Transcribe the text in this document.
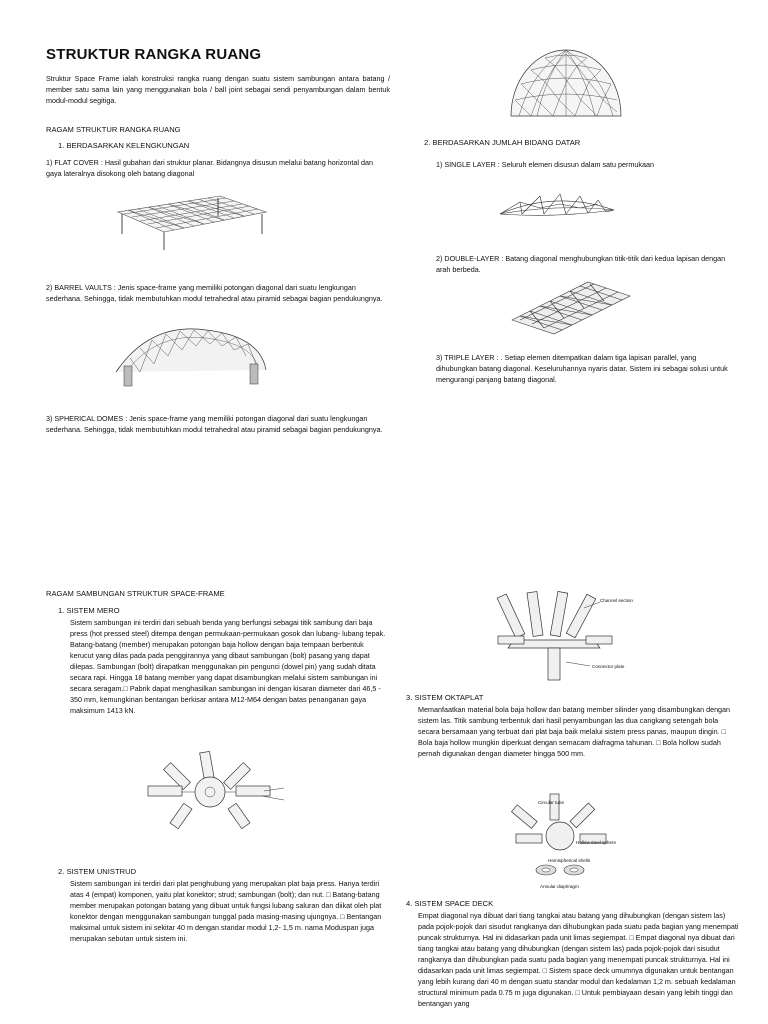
STRUKTUR RANGKA RUANG
Struktur Space Frame ialah konstruksi rangka ruang dengan suatu sistem sambungan antara batang / member satu sama lain yang menggunakan bola / ball joint sebagai sendi penyambungan dalam bentuk modul-modul segitiga.
RAGAM STRUKTUR RANGKA RUANG
1. BERDASARKAN KELENGKUNGAN
1) FLAT COVER : Hasil gubahan dari struktur planar. Bidangnya disusun melalui batang horizontal dan gaya lateralnya disokong oleh batang diagonal
2) BARREL VAULTS : Jenis space-frame yang memiliki potongan diagonal dari suatu lengkungan sederhana. Sehingga, tidak membutuhkan modul tetrahedral atau piramid sebagai bagian pendukungnya.
3) SPHERICAL DOMES : Jenis space-frame yang memiliki potongan diagonal dari suatu lengkungan sederhana. Sehingga, tidak membutuhkan modul tetrahedral atau piramid sebagai bagian pendukungnya.
2. BERDASARKAN JUMLAH BIDANG DATAR
1) SINGLE LAYER : Seluruh elemen disusun dalam satu permukaan
2) DOUBLE-LAYER : Batang diagonal menghubungkan titik-titik dari kedua lapisan dengan arah berbeda.
3) TRIPLE LAYER : . Setiap elemen ditempatkan dalam tiga lapisan parallel, yang dihubungkan batang diagonal. Keseluruhannya nyaris datar. Sistem ini sebagai solusi untuk mengurangi panjang batang diagonal.
RAGAM SAMBUNGAN STRUKTUR SPACE-FRAME
1. SISTEM MERO
Sistem sambungan ini terdiri dari sebuah benda yang berfungsi sebagai titik sambung dari baja press (hot pressed steel) ditempa dengan permukaan-permukaan gosok dan lubang- lubang tepak. Batang-batang (member) merupakan potongan baja hollow dengan baja tempaan berbentuk kerucut yang dilas pada pada penggirannya yang dibaut sambungan (bolt) pasang yang dapat dilepas. Sambungan (bolt) dirapatkan menggunakan pin pengunci (dowel pin) yang sudah ditata secara rapi. Hingga 18 batang member yang dapat disambungkan melalui sistem sambungan ini secara seragam.□ Pabrik dapat menghasilkan sambungan ini dengan kisaran diameter dari 46,5 - 350 mm, kemungkinan bentangan berkisar antara M12-M64 dengan batas penanganan gaya maksimum 1413 kN.
2. SISTEM UNISTRUD
Sistem sambungan ini terdiri dari plat penghubung yang merupakan plat baja press. Hanya terdiri atas 4 (empat) komponen, yaitu plat konektor; strud; sambungan (bolt); dan nut. □ Batang-batang member merupakan potongan batang yang dibuat untuk fungsi lubang saluran dan diikat oleh plat konektor dengan menggunakan sambungan tunggal pada masing-masing ujungnya. □ Bentangan maksimal untuk sistem ini sekitar 40 m dengan standar modul 1,2- 1,5 m. nama Moduspan juga merupakan sebutan untuk sistem ini.
Channel section
Connector plate
3. SISTEM OKTAPLAT
Memanfaatkan material bola baja hollow dan batang member silinder yang disambungkan dengan sistem las. Titik sambung terbentuk dari hasil penyambungan las dua cangkang setengah bola secara bersamaan yang terbuat dari plat baja baik melalui sistem press panas, maupun dingin. □ Bola baja hollow mungkin diperkuat dengan semacam diafragma tahunan. □ Bola hollow sudah pernah digunakan dengan diameter hingga 500 mm.
Circular tube
Hollow steel sphere
Hemispherical shells
Annular diaphragm
4. SISTEM SPACE DECK
Empat diagonal nya dibuat dari tiang tangkai atau batang yang dihubungkan (dengan sistem las) pada pojok-pojok dari sisudut rangkanya dan dihubungkan pada suatu pada bagian yang menempati puncak strukturnya. Hal ini didasarkan pada unit limas segiempat. □ Empat diagonal nya dibuat dari tiang tangkai atau batang yang dihubungkan (dengan sistem las) pada pojok-pojok dari sisudut rangkanya dan dihubungkan pada suatu pada bagian yang menempati puncak strukturnya. Hal ini didasarkan pada unit limas segiempat. □ Sistem space deck umumnya digunakan untuk bentangan yang lebih kurang dari 40 m dengan suatu standar modul dan kedalaman 1,2 m. sebuah kedalaman structural minimum pada 0.75 m juga digunakan. □ Untuk pembiayaan desain yang lebih tinggi dan bentangan yang
